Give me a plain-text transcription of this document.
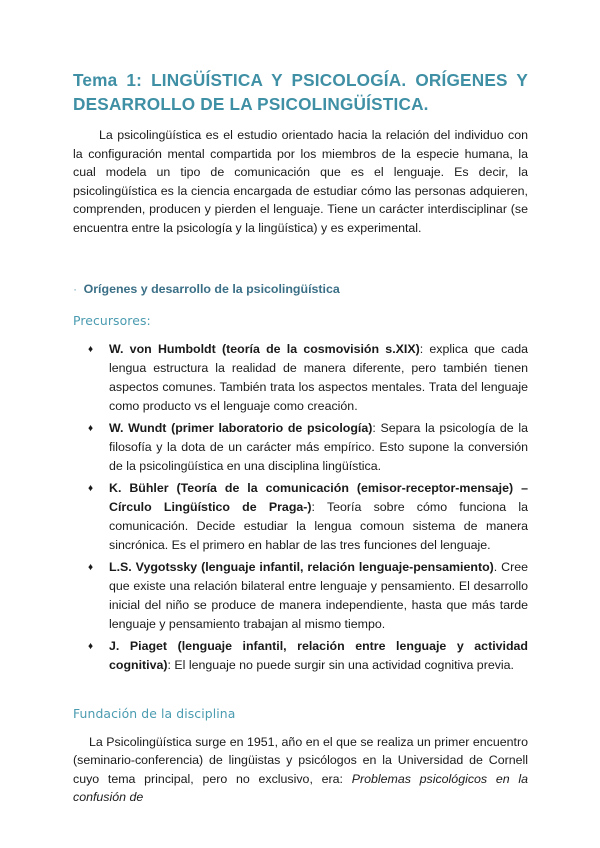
Tema 1: LINGÜÍSTICA Y PSICOLOGÍA. ORÍGENES Y DESARROLLO DE LA PSICOLINGÜÍSTICA.

La psicolingüística es el estudio orientado hacia la relación del individuo con la configuración mental compartida por los miembros de la especie humana, la cual modela un tipo de comunicación que es el lenguaje. Es decir, la psicolingüística es la ciencia encargada de estudiar cómo las personas adquieren, comprenden, producen y pierden el lenguaje. Tiene un carácter interdisciplinar (se encuentra entre la psicología y la lingüística) y es experimental.

· Orígenes y desarrollo de la psicolingüística
Precursores:
♦ W. von Humboldt (teoría de la cosmovisión s.XIX): explica que cada lengua estructura la realidad de manera diferente, pero también tienen aspectos comunes. También trata los aspectos mentales. Trata del lenguaje como producto vs el lenguaje como creación.
♦ W. Wundt (primer laboratorio de psicología): Separa la psicología de la filosofía y la dota de un carácter más empírico. Esto supone la conversión de la psicolingüística en una disciplina lingüística.
♦ K. Bühler (Teoría de la comunicación (emisor-receptor-mensaje) –Círculo Lingüístico de Praga-): Teoría sobre cómo funciona la comunicación. Decide estudiar la lengua comoun sistema de manera sincrónica. Es el primero en hablar de las tres funciones del lenguaje.
♦ L.S. Vygotssky (lenguaje infantil, relación lenguaje-pensamiento). Cree que existe una relación bilateral entre lenguaje y pensamiento. El desarrollo inicial del niño se produce de manera independiente, hasta que más tarde lenguaje y pensamiento trabajan al mismo tiempo.
♦ J. Piaget (lenguaje infantil, relación entre lenguaje y actividad cognitiva): El lenguaje no puede surgir sin una actividad cognitiva previa.
Fundación de la disciplina

La Psicolingüística surge en 1951, año en el que se realiza un primer encuentro (seminario-conferencia) de lingüistas y psicólogos en la Universidad de Cornell cuyo tema principal, pero no exclusivo, era: Problemas psicológicos en la confusión de
